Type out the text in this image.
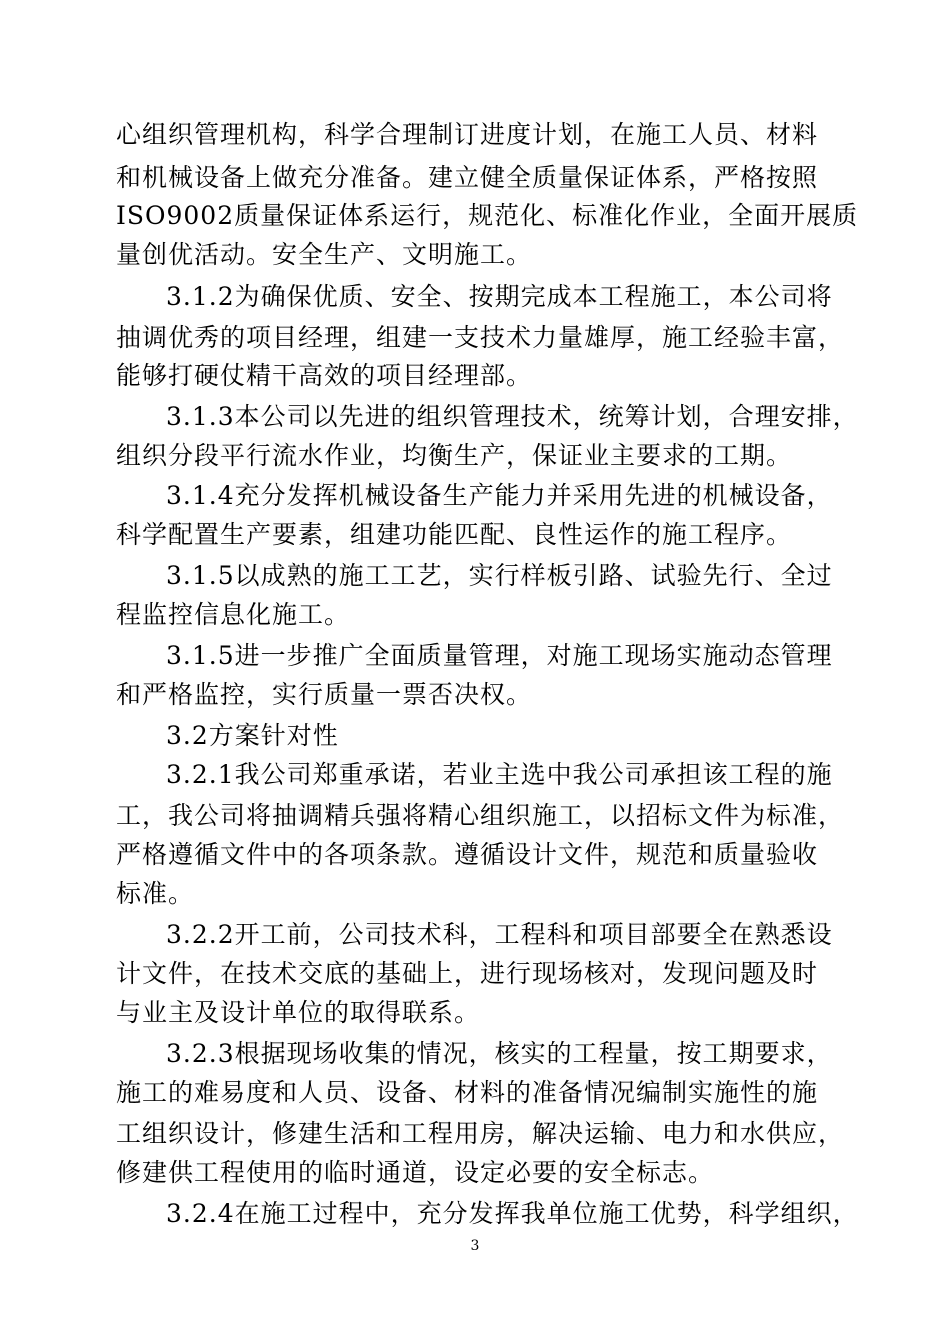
心组织管理机构，科学合理制订进度计划，在施工人员、材料
和机械设备上做充分准备。建立健全质量保证体系，严格按照
ISO9002质量保证体系运行，规范化、标准化作业，全面开展质
量创优活动。安全生产、文明施工。
3.1.2为确保优质、安全、按期完成本工程施工，本公司将
抽调优秀的项目经理，组建一支技术力量雄厚，施工经验丰富，
能够打硬仗精干高效的项目经理部。
3.1.3本公司以先进的组织管理技术，统筹计划，合理安排，
组织分段平行流水作业，均衡生产，保证业主要求的工期。
3.1.4充分发挥机械设备生产能力并采用先进的机械设备，
科学配置生产要素，组建功能匹配、良性运作的施工程序。
3.1.5以成熟的施工工艺，实行样板引路、试验先行、全过
程监控信息化施工。
3.1.5进一步推广全面质量管理，对施工现场实施动态管理
和严格监控，实行质量一票否决权。
3.2方案针对性
3.2.1我公司郑重承诺，若业主选中我公司承担该工程的施
工，我公司将抽调精兵强将精心组织施工，以招标文件为标准，
严格遵循文件中的各项条款。遵循设计文件，规范和质量验收
标准。
3.2.2开工前，公司技术科，工程科和项目部要全在熟悉设
计文件，在技术交底的基础上，进行现场核对，发现问题及时
与业主及设计单位的取得联系。
3.2.3根据现场收集的情况，核实的工程量，按工期要求，
施工的难易度和人员、设备、材料的准备情况编制实施性的施
工组织设计，修建生活和工程用房，解决运输、电力和水供应，
修建供工程使用的临时通道，设定必要的安全标志。
3.2.4在施工过程中，充分发挥我单位施工优势，科学组织，
3
